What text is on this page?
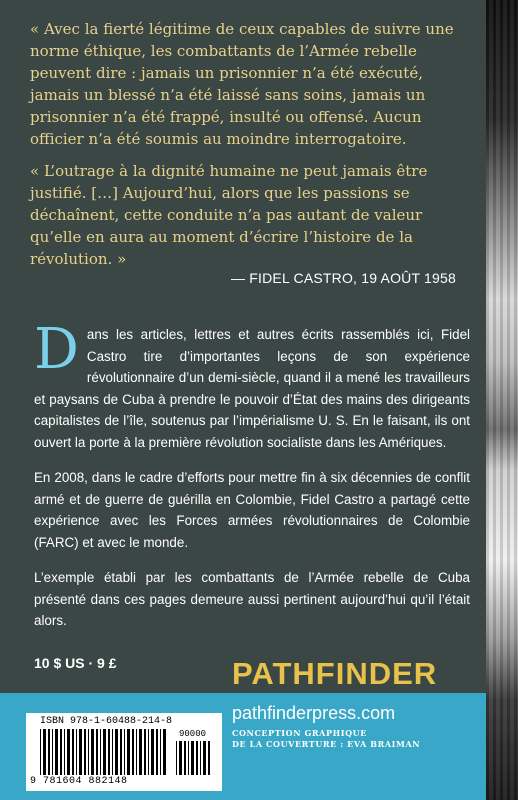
« Avec la fierté légitime de ceux capables de suivre une norme éthique, les combattants de l’Armée rebelle peuvent dire : jamais un prisonnier n’a été exécuté, jamais un blessé n’a été laissé sans soins, jamais un prisonnier n’a été frappé, insulté ou offensé. Aucun officier n’a été soumis au moindre interrogatoire.

« L’outrage à la dignité humaine ne peut jamais être justifié. […] Aujourd’hui, alors que les passions se déchaînent, cette conduite n’a pas autant de valeur qu’elle en aura au moment d’écrire l’histoire de la révolution. »

— FIDEL CASTRO, 19 AOÛT 1958

Dans les articles, lettres et autres écrits rassemblés ici, Fidel Castro tire d’importantes leçons de son expérience révolutionnaire d’un demi-siècle, quand il a mené les travailleurs et paysans de Cuba à prendre le pouvoir d’État des mains des dirigeants capitalistes de l’île, soutenus par l’impérialisme U. S. En le faisant, ils ont ouvert la porte à la première révolution socialiste dans les Amériques.

En 2008, dans le cadre d’efforts pour mettre fin à six décennies de conflit armé et de guerre de guérilla en Colombie, Fidel Castro a partagé cette expérience avec les Forces armées révolutionnaires de Colombie (FARC) et avec le monde.

L’exemple établi par les combattants de l’Armée rebelle de Cuba présenté dans ces pages demeure aussi pertinent aujourd’hui qu’il l’était alors.

10 $ US · 9 £	PATHFINDER
pathfinderpress.com
CONCEPTION GRAPHIQUE
DE LA COUVERTURE : EVA BRAIMAN
ISBN 978-1-60488-214-8
90000
9 781604 882148
